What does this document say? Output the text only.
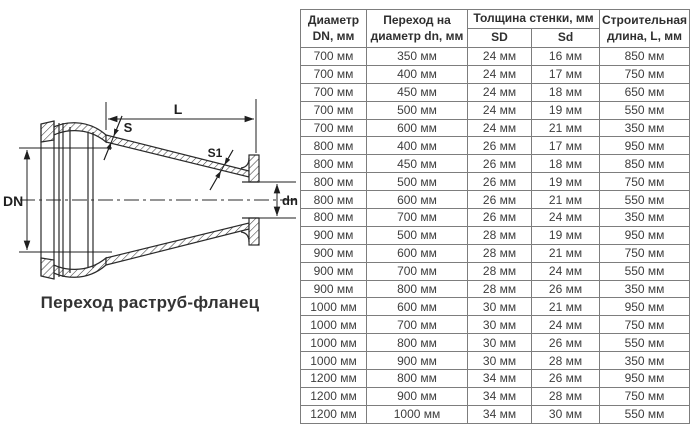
DN	dn
L
S
S1
Переход раструб-фланец
Диаметр DN, мм	Переход на диаметр dn, мм	Толщина стенки, мм		Строительная длина, L, мм
		SD	Sd	
700 мм	350 мм	24 мм	16 мм	850 мм
700 мм	400 мм	24 мм	17 мм	750 мм
700 мм	450 мм	24 мм	18 мм	650 мм
700 мм	500 мм	24 мм	19 мм	550 мм
700 мм	600 мм	24 мм	21 мм	350 мм
800 мм	400 мм	26 мм	17 мм	950 мм
800 мм	450 мм	26 мм	18 мм	850 мм
800 мм	500 мм	26 мм	19 мм	750 мм
800 мм	600 мм	26 мм	21 мм	550 мм
800 мм	700 мм	26 мм	24 мм	350 мм
900 мм	500 мм	28 мм	19 мм	950 мм
900 мм	600 мм	28 мм	21 мм	750 мм
900 мм	700 мм	28 мм	24 мм	550 мм
900 мм	800 мм	28 мм	26 мм	350 мм
1000 мм	600 мм	30 мм	21 мм	950 мм
1000 мм	700 мм	30 мм	24 мм	750 мм
1000 мм	800 мм	30 мм	26 мм	550 мм
1000 мм	900 мм	30 мм	28 мм	350 мм
1200 мм	800 мм	34 мм	26 мм	950 мм
1200 мм	900 мм	34 мм	28 мм	750 мм
1200 мм	1000 мм	34 мм	30 мм	550 мм
